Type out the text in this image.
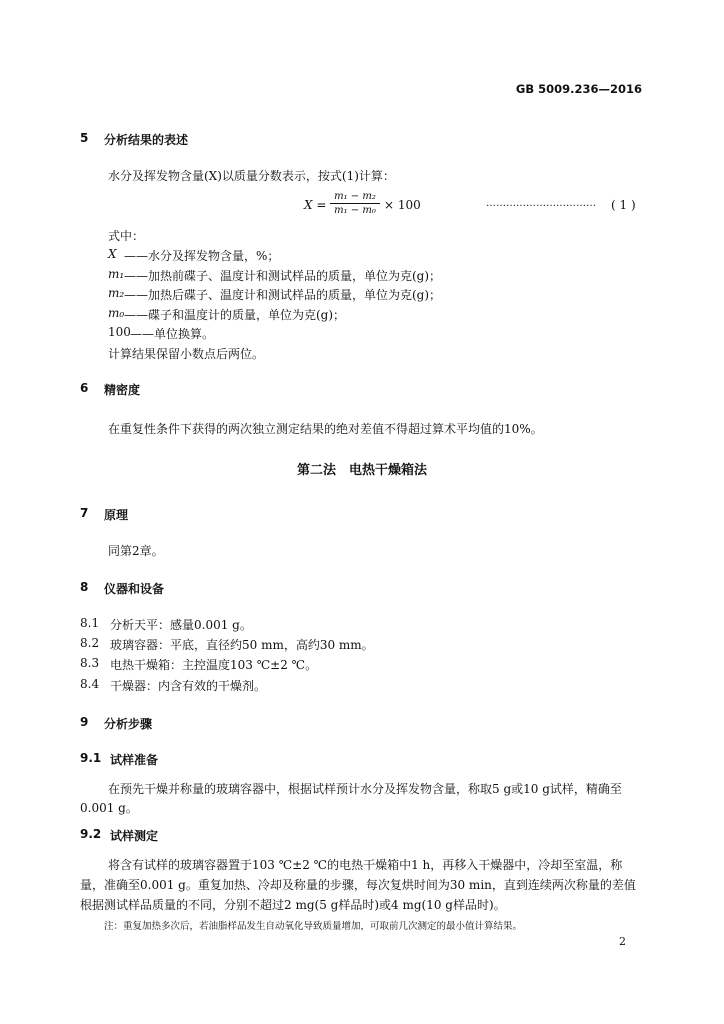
GB 5009.236—2016
5 分析结果的表述
水分及挥发物含量(X)以质量分数表示，按式(1)计算：
X =
m₁ − m₂
m₁ − m₀ × 100	…………………………… ( 1 )
式中：
X ——水分及挥发物含量，%；
m₁ ——加热前碟子、温度计和测试样品的质量，单位为克(g)；
m₂ ——加热后碟子、温度计和测试样品的质量，单位为克(g)；
m₀ ——碟子和温度计的质量，单位为克(g)；
100 ——单位换算。
计算结果保留小数点后两位。
6 精密度
在重复性条件下获得的两次独立测定结果的绝对差值不得超过算术平均值的10%。
第二法　电热干燥箱法
7 原理
同第2章。
8 仪器和设备
8.1 分析天平：感量0.001 g。
8.2 玻璃容器：平底，直径约50 mm，高约30 mm。
8.3 电热干燥箱：主控温度103 ℃±2 ℃。
8.4 干燥器：内含有效的干燥剂。
9 分析步骤
9.1 试样准备
在预先干燥并称量的玻璃容器中，根据试样预计水分及挥发物含量，称取5 g或10 g试样，精确至
0.001 g。
9.2 试样测定
将含有试样的玻璃容器置于103 ℃±2 ℃的电热干燥箱中1 h，再移入干燥器中，冷却至室温，称
量，准确至0.001 g。重复加热、冷却及称量的步骤，每次复烘时间为30 min，直到连续两次称量的差值
根据测试样品质量的不同，分别不超过2 mg(5 g样品时)或4 mg(10 g样品时)。
注：重复加热多次后，若油脂样品发生自动氧化导致质量增加，可取前几次测定的最小值计算结果。
2
